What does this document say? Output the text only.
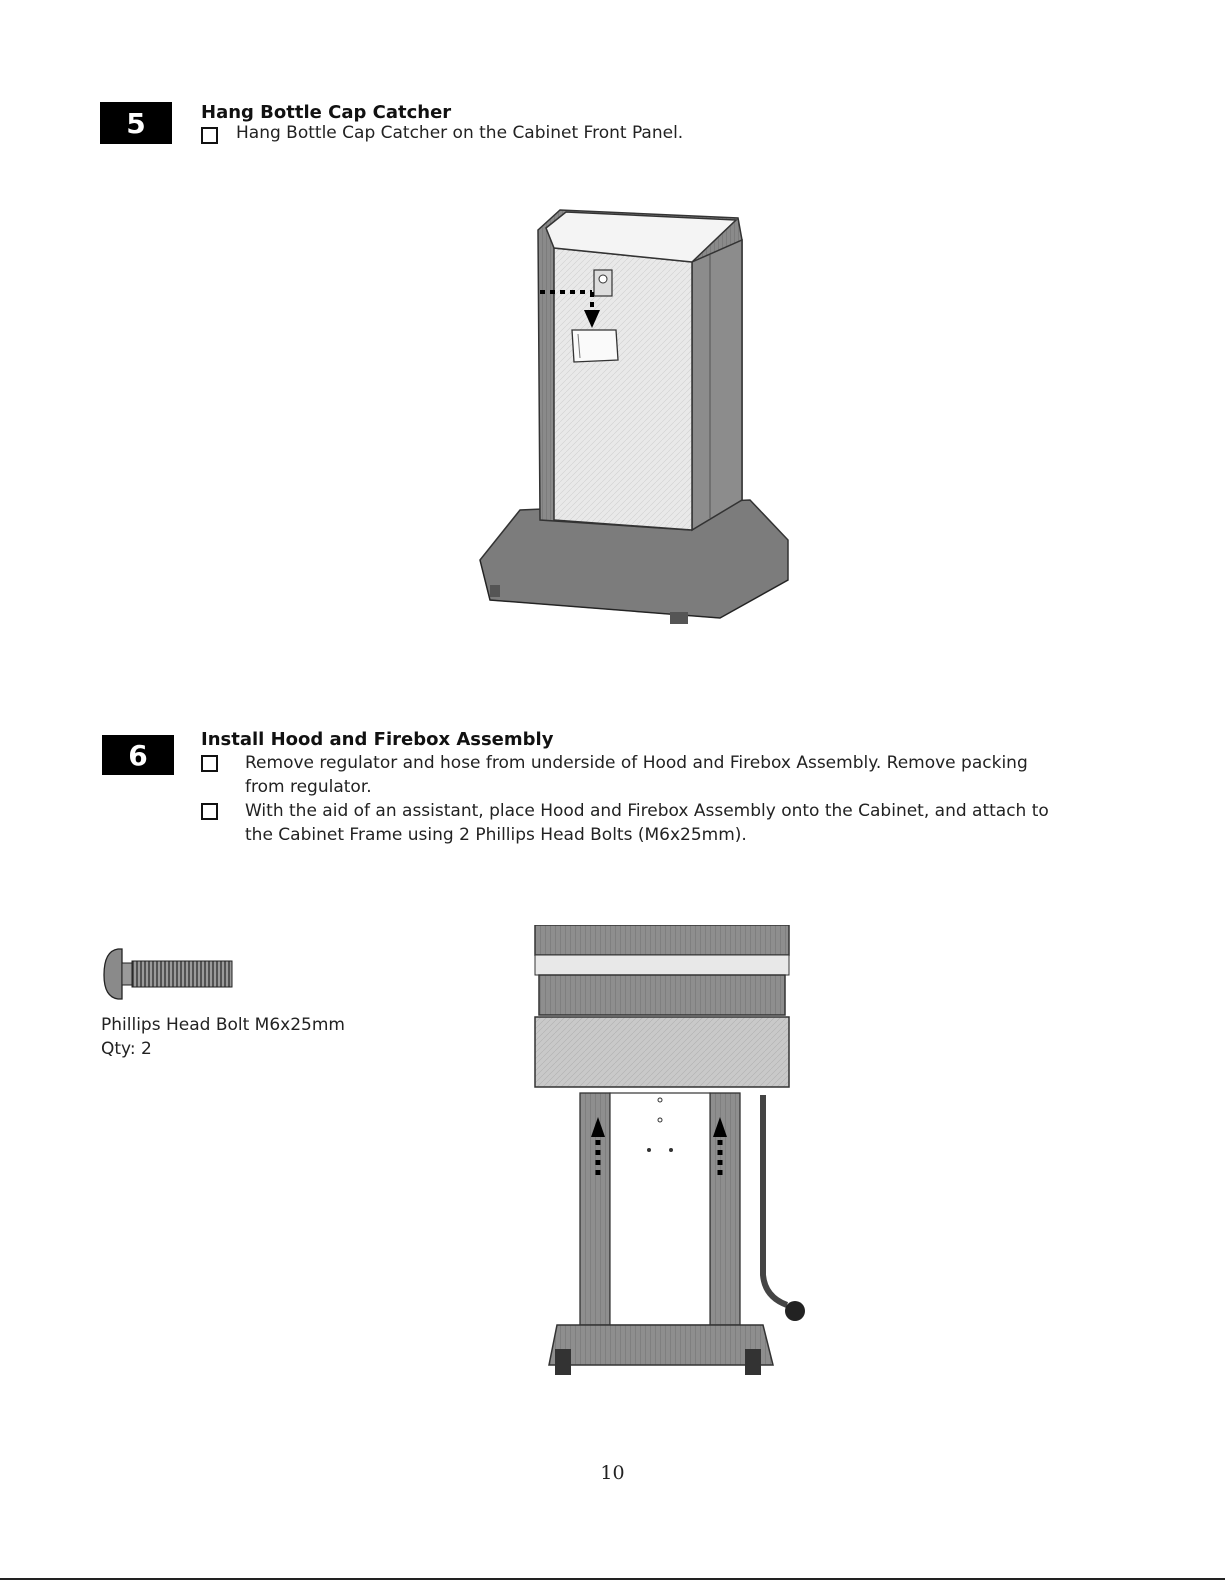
5	Hang Bottle Cap Catcher
Hang Bottle Cap Catcher on the Cabinet Front Panel.
6	Install Hood and Firebox Assembly
Remove regulator and hose from underside of Hood and Firebox Assembly. Remove packing
from regulator.
With the aid of an assistant, place Hood and Firebox Assembly onto the Cabinet, and attach to
the Cabinet Frame using 2 Phillips Head Bolts (M6x25mm).
Phillips Head Bolt M6x25mm
Qty: 2
10
